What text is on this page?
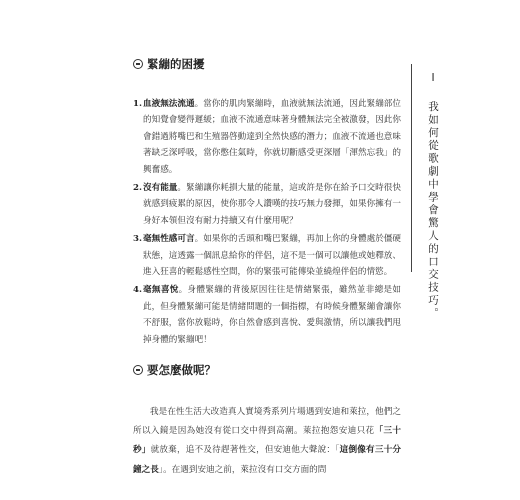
緊繃的困擾
1. 血液無法流通。當你的肌肉緊繃時，血液就無法流通，因此緊繃部位的知覺會變得遲緩；血液不流通意味著身體無法完全被激發，因此你會錯過將嘴巴和生殖器啓動達到全然快感的潛力；血液不流通也意味著缺乏深呼吸，當你憋住氣時，你就切斷感受更深層「渾然忘我」的興奮感。
2. 沒有能量。緊繃讓你耗損大量的能量，這或許是你在給予口交時很快就感到疲累的原因，使你那令人讚嘆的技巧無力發揮，如果你擁有一身好本領但沒有耐力持續又有什麼用呢？
3. 毫無性感可言。如果你的舌頭和嘴巴緊繃，再加上你的身體處於僵硬狀態，這透露一個訊息給你的伴侶，這不是一個可以讓他或她釋放、進入狂喜的輕鬆感性空間，你的緊張可能傳染並繞煌伴侶的情慾。
4. 毫無喜悅。身體緊繃的背後原因往往是情緒緊張，雖然並非總是如此，但身體緊繃可能是情緒問題的一個指標，有時候身體緊繃會讓你不舒服，當你放鬆時，你自然會感到喜悅、愛與激情，所以讓我們甩掉身體的緊繃吧！
要怎麼做呢？

我是在性生活大改造真人實境秀系列片場遇到安迪和萊拉，他們之所以入鏡是因為她沒有從口交中得到高潮。萊拉抱怨安迪只花「三十秒」就放棄，追不及待趕著性交，但安迪他大聲說：「這倒像有三十分鐘之長」。在遇到安迪之前，萊拉沒有口交方面的問

I 我如何從歌劇中學會驚人的口交技巧。
